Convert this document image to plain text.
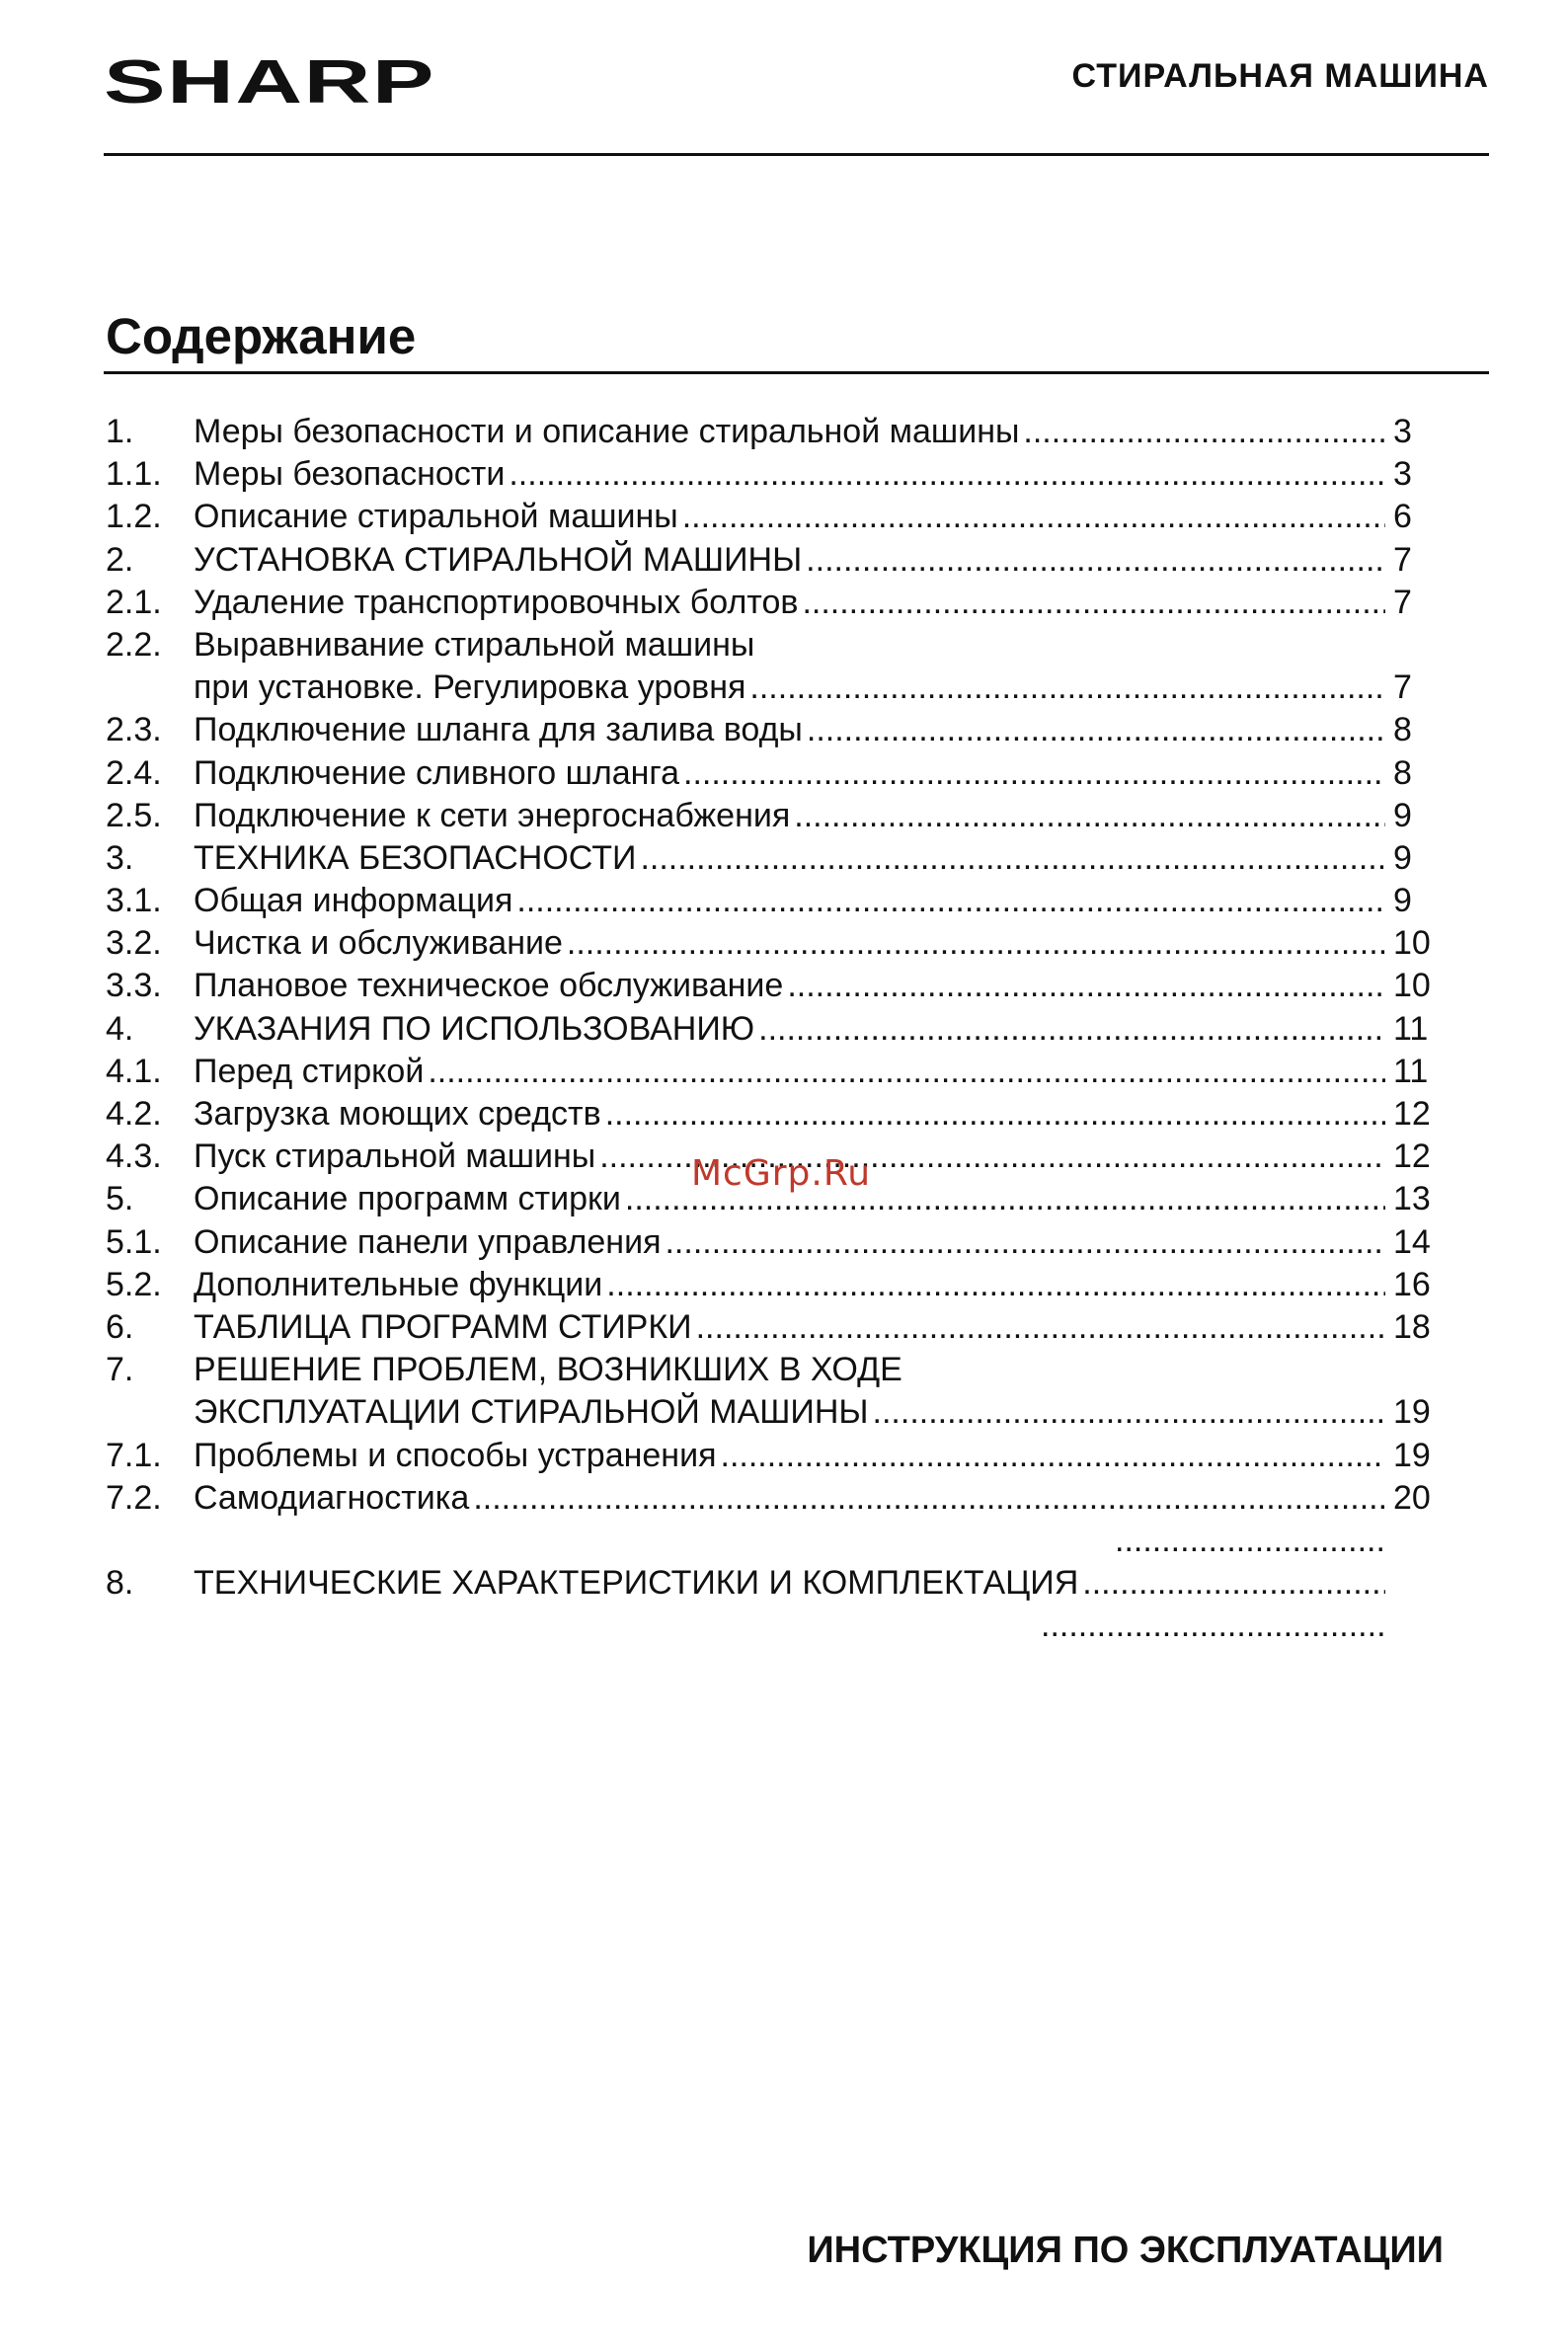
SHARP	СТИРАЛЬНАЯ МАШИНА
Содержание
1.	Меры безопасности и описание стиральной машины .....	3
1.1. Меры безопасности .....	3
1.2. Описание стиральной машины .....	6
2.	УСТАНОВКА СТИРАЛЬНОЙ МАШИНЫ .....	7
2.1. Удаление транспортировочных болтов .....	7
2.2. Выравнивание стиральной машины
при установке. Регулировка уровня .....	7
2.3. Подключение шланга для залива воды .....	8
2.4. Подключение сливного шланга .....	8
2.5. Подключение к сети энергоснабжения .....	9
3.	ТЕХНИКА БЕЗОПАСНОСТИ .....	9
3.1. Общая информация .....	9
3.2. Чистка и обслуживание .....	10
3.3. Плановое техническое обслуживание .....	10
4.	УКАЗАНИЯ ПО ИСПОЛЬЗОВАНИЮ .....	11
4.1. Перед стиркой .....	11
4.2. Загрузка моющих средств .....	12
4.3. Пуск стиральной машины .....	12
5.	Описание программ стирки .....	13
5.1. Описание панели управления .....	14
5.2. Дополнительные функции .....	16
6.	ТАБЛИЦА ПРОГРАММ СТИРКИ .....	18
7.	РЕШЕНИЕ ПРОБЛЕМ, ВОЗНИКШИХ В ХОДЕ
ЭКСПЛУАТАЦИИ СТИРАЛЬНОЙ МАШИНЫ .....	19
7.1. Проблемы и способы устранения .....	19
7.2. Самодиагностика .....	20
.....
8.	ТЕХНИЧЕСКИЕ ХАРАКТЕРИСТИКИ И КОМПЛЕКТАЦИЯ
.....
.....
McGrp.Ru
ИНСТРУКЦИЯ ПО ЭКСПЛУАТАЦИИ
